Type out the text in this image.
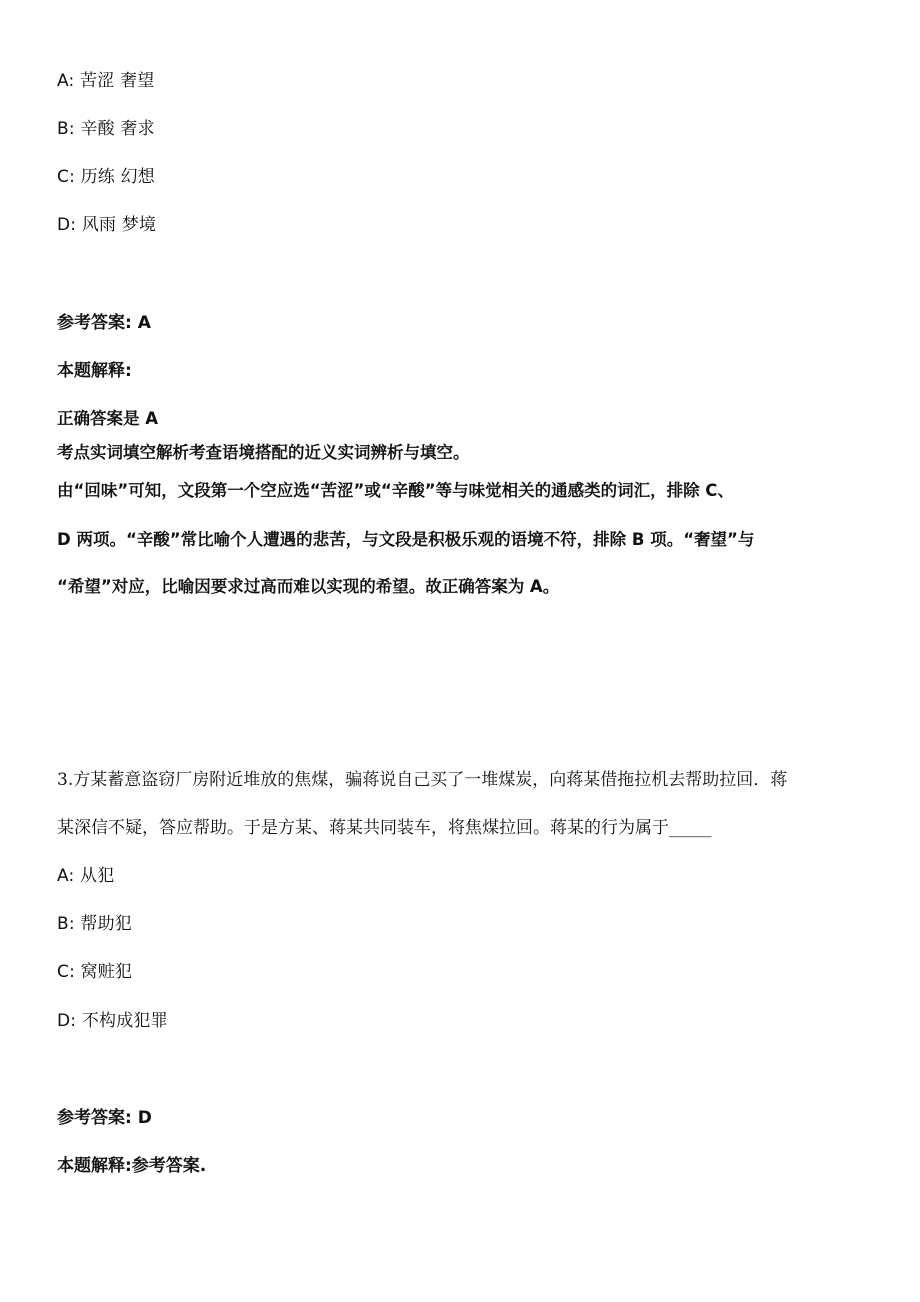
A: 苦涩 奢望
B: 辛酸 奢求
C: 历练 幻想
D: 风雨 梦境
参考答案: A
本题解释:
正确答案是 A
考点实词填空解析考查语境搭配的近义实词辨析与填空。
由“回味”可知，文段第一个空应选“苦涩”或“辛酸”等与味觉相关的通感类的词汇，排除 C、
D 两项。“辛酸”常比喻个人遭遇的悲苦，与文段是积极乐观的语境不符，排除 B 项。“奢望”与
“希望”对应，比喻因要求过高而难以实现的希望。故正确答案为 A。
3.方某蓄意盗窃厂房附近堆放的焦煤，骗蒋说自己买了一堆煤炭，向蒋某借拖拉机去帮助拉回．蒋
某深信不疑，答应帮助。于是方某、蒋某共同装车，将焦煤拉回。蒋某的行为属于_____
A: 从犯
B: 帮助犯
C: 窝赃犯
D: 不构成犯罪
参考答案: D
本题解释:参考答案.
